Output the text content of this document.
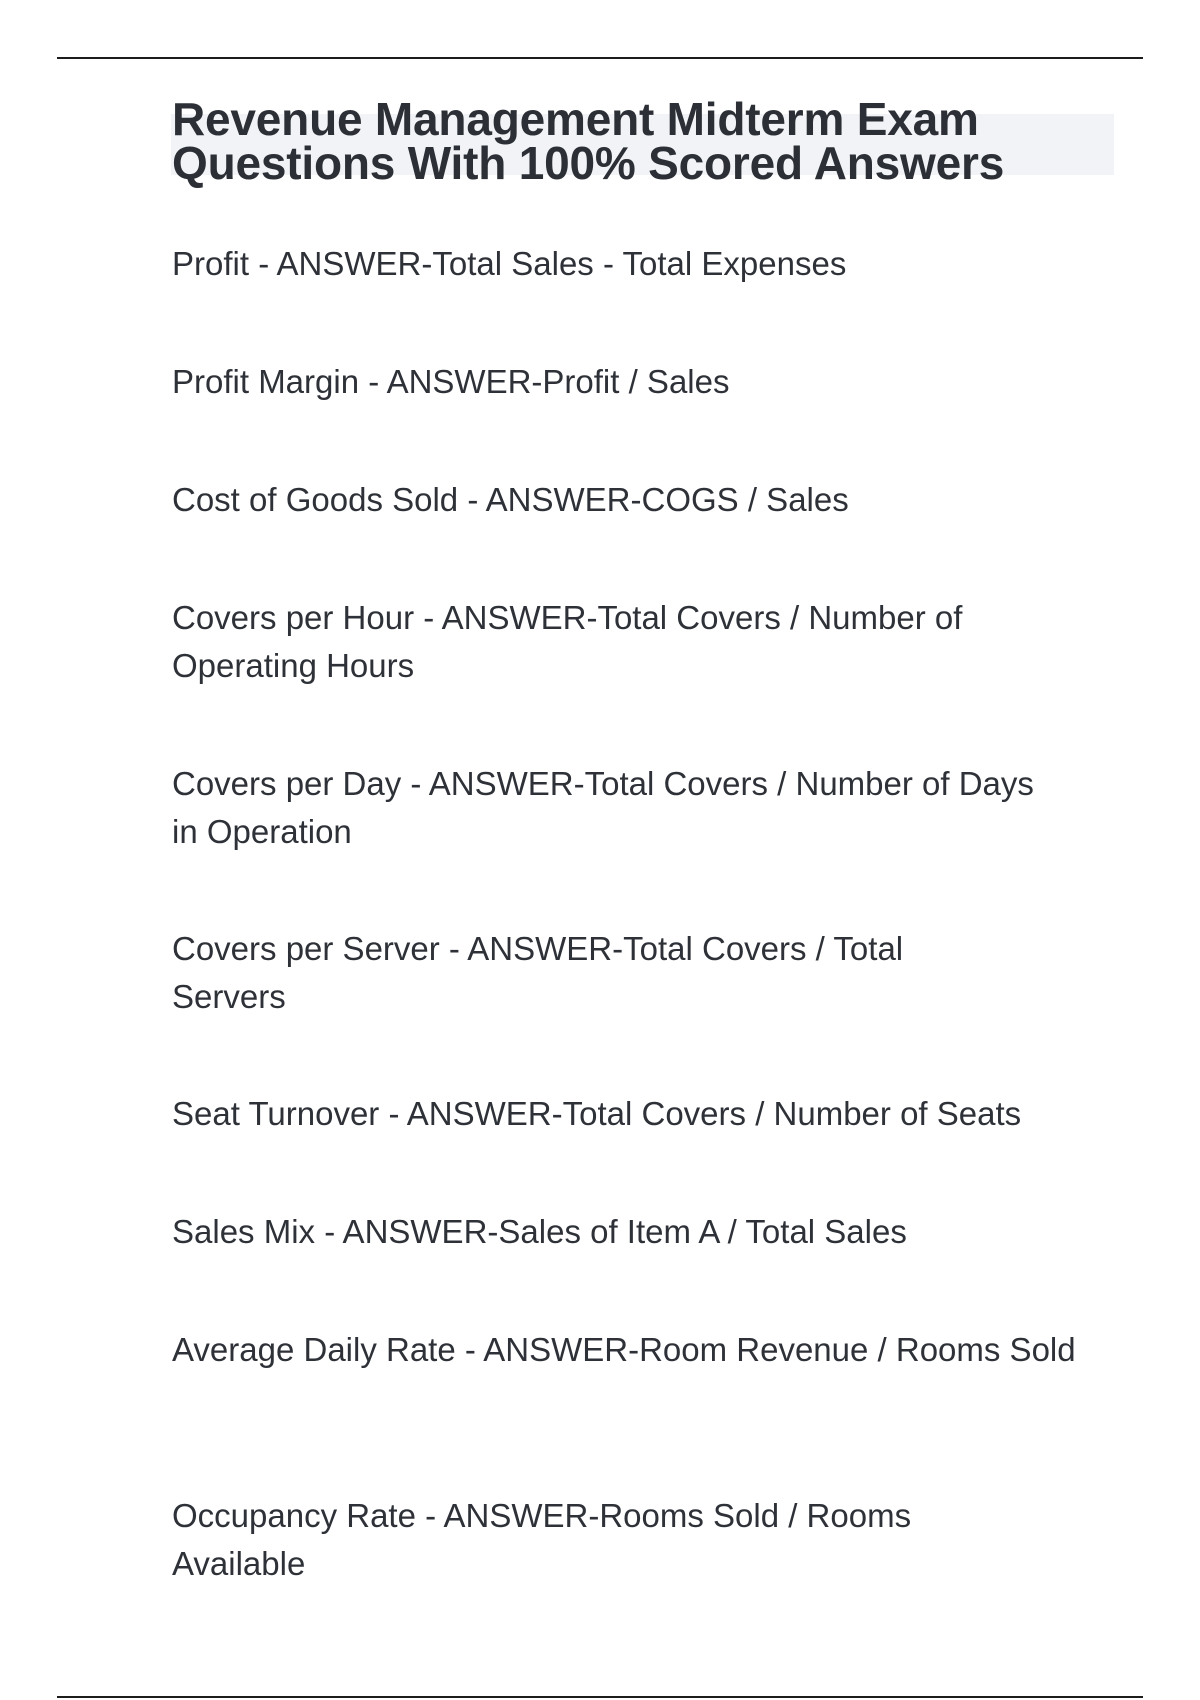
Revenue Management Midterm Exam
Questions With 100% Scored Answers
Profit - ANSWER-Total Sales - Total Expenses
Profit Margin - ANSWER-Profit / Sales
Cost of Goods Sold - ANSWER-COGS / Sales
Covers per Hour - ANSWER-Total Covers / Number of Operating Hours
Covers per Day - ANSWER-Total Covers / Number of Days in Operation
Covers per Server - ANSWER-Total Covers / Total Servers
Seat Turnover - ANSWER-Total Covers / Number of Seats
Sales Mix - ANSWER-Sales of Item A / Total Sales
Average Daily Rate - ANSWER-Room Revenue / Rooms Sold
Occupancy Rate - ANSWER-Rooms Sold / Rooms Available
